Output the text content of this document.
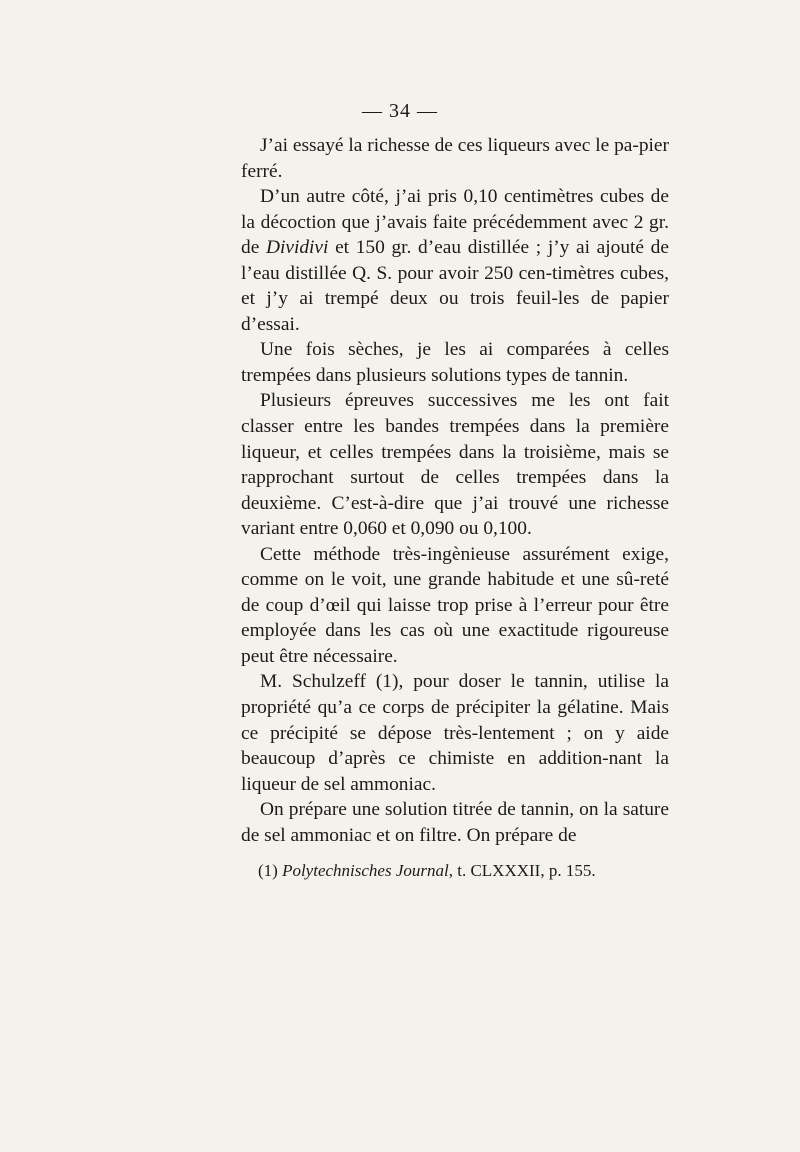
— 34 —

J’ai essayé la richesse de ces liqueurs avec le pa-pier ferré.

D’un autre côté, j’ai pris 0,10 centimètres cubes de la décoction que j’avais faite précédemment avec 2 gr. de Dividivi et 150 gr. d’eau distillée ; j’y ai ajouté de l’eau distillée Q. S. pour avoir 250 cen-timètres cubes, et j’y ai trempé deux ou trois feuil-les de papier d’essai.

Une fois sèches, je les ai comparées à celles trempées dans plusieurs solutions types de tannin.

Plusieurs épreuves successives me les ont fait classer entre les bandes trempées dans la première liqueur, et celles trempées dans la troisième, mais se rapprochant surtout de celles trempées dans la deuxième. C’est-à-dire que j’ai trouvé une richesse variant entre 0,060 et 0,090 ou 0,100.

Cette méthode très-ingènieuse assurément exige, comme on le voit, une grande habitude et une sû-reté de coup d’œil qui laisse trop prise à l’erreur pour être employée dans les cas où une exactitude rigoureuse peut être nécessaire.

M. Schulzeff (1), pour doser le tannin, utilise la propriété qu’a ce corps de précipiter la gélatine. Mais ce précipité se dépose très-lentement ; on y aide beaucoup d’après ce chimiste en addition-nant la liqueur de sel ammoniac.

On prépare une solution titrée de tannin, on la sature de sel ammoniac et on filtre. On prépare de

(1) Polytechnisches Journal, t. CLXXXII, p. 155.
